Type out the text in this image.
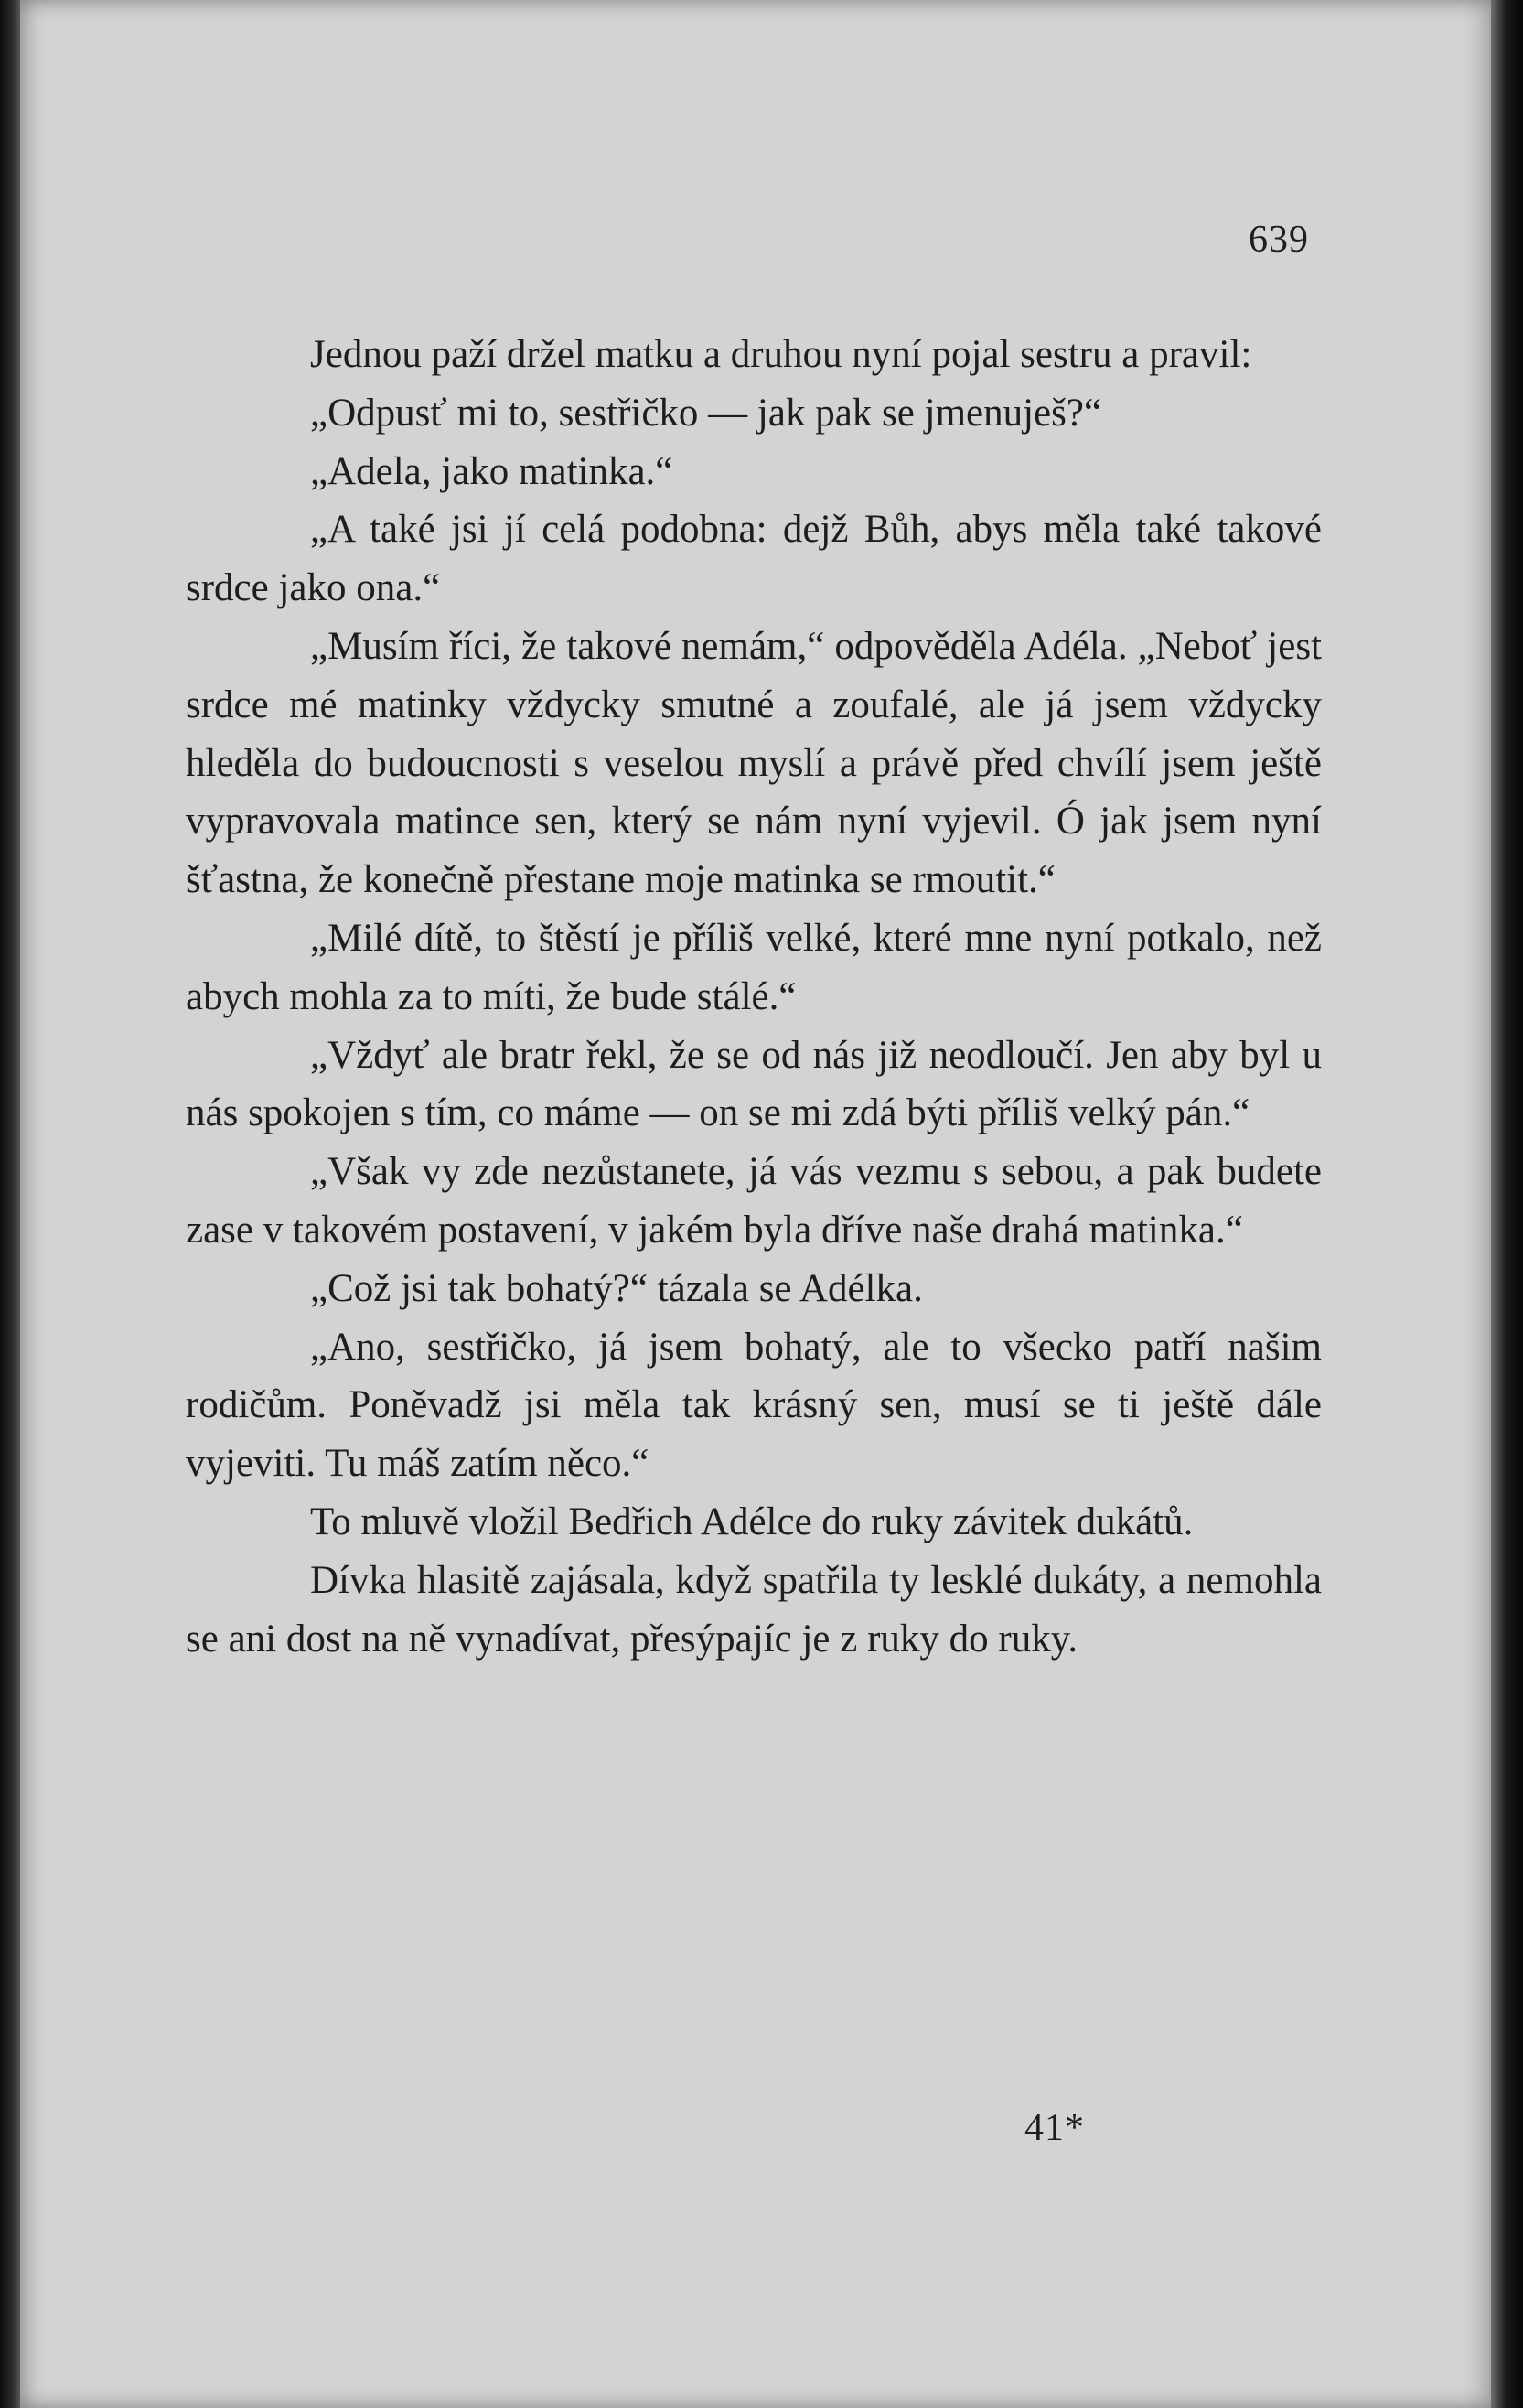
639

Jednou paží držel matku a druhou nyní pojal sestru a pravil:

„Odpusť mi to, sestřičko — jak pak se jmenuješ?“

„Adela, jako matinka.“

„A také jsi jí celá podobna: dejž Bůh, abys měla také takové srdce jako ona.“

„Musím říci, že takové nemám,“ odpověděla Adéla. „Neboť jest srdce mé matinky vždycky smutné a zoufalé, ale já jsem vždycky hleděla do budoucnosti s veselou myslí a právě před chvílí jsem ještě vypravovala matince sen, který se nám nyní vyjevil. Ó jak jsem nyní šťastna, že konečně přestane moje matinka se rmoutit.“

„Milé dítě, to štěstí je příliš velké, které mne nyní potkalo, než abych mohla za to míti, že bude stálé.“

„Vždyť ale bratr řekl, že se od nás již neodloučí. Jen aby byl u nás spokojen s tím, co máme — on se mi zdá býti příliš velký pán.“

„Však vy zde nezůstanete, já vás vezmu s sebou, a pak budete zase v takovém postavení, v jakém byla dříve naše drahá matinka.“

„Což jsi tak bohatý?“ tázala se Adélka.

„Ano, sestřičko, já jsem bohatý, ale to všecko patří našim rodičům. Poněvadž jsi měla tak krásný sen, musí se ti ještě dále vyjeviti. Tu máš zatím něco.“

To mluvě vložil Bedřich Adélce do ruky závitek dukátů.

Dívka hlasitě zajásala, když spatřila ty lesklé dukáty, a nemohla se ani dost na ně vynadívat, přesýpajíc je z ruky do ruky.

41*
